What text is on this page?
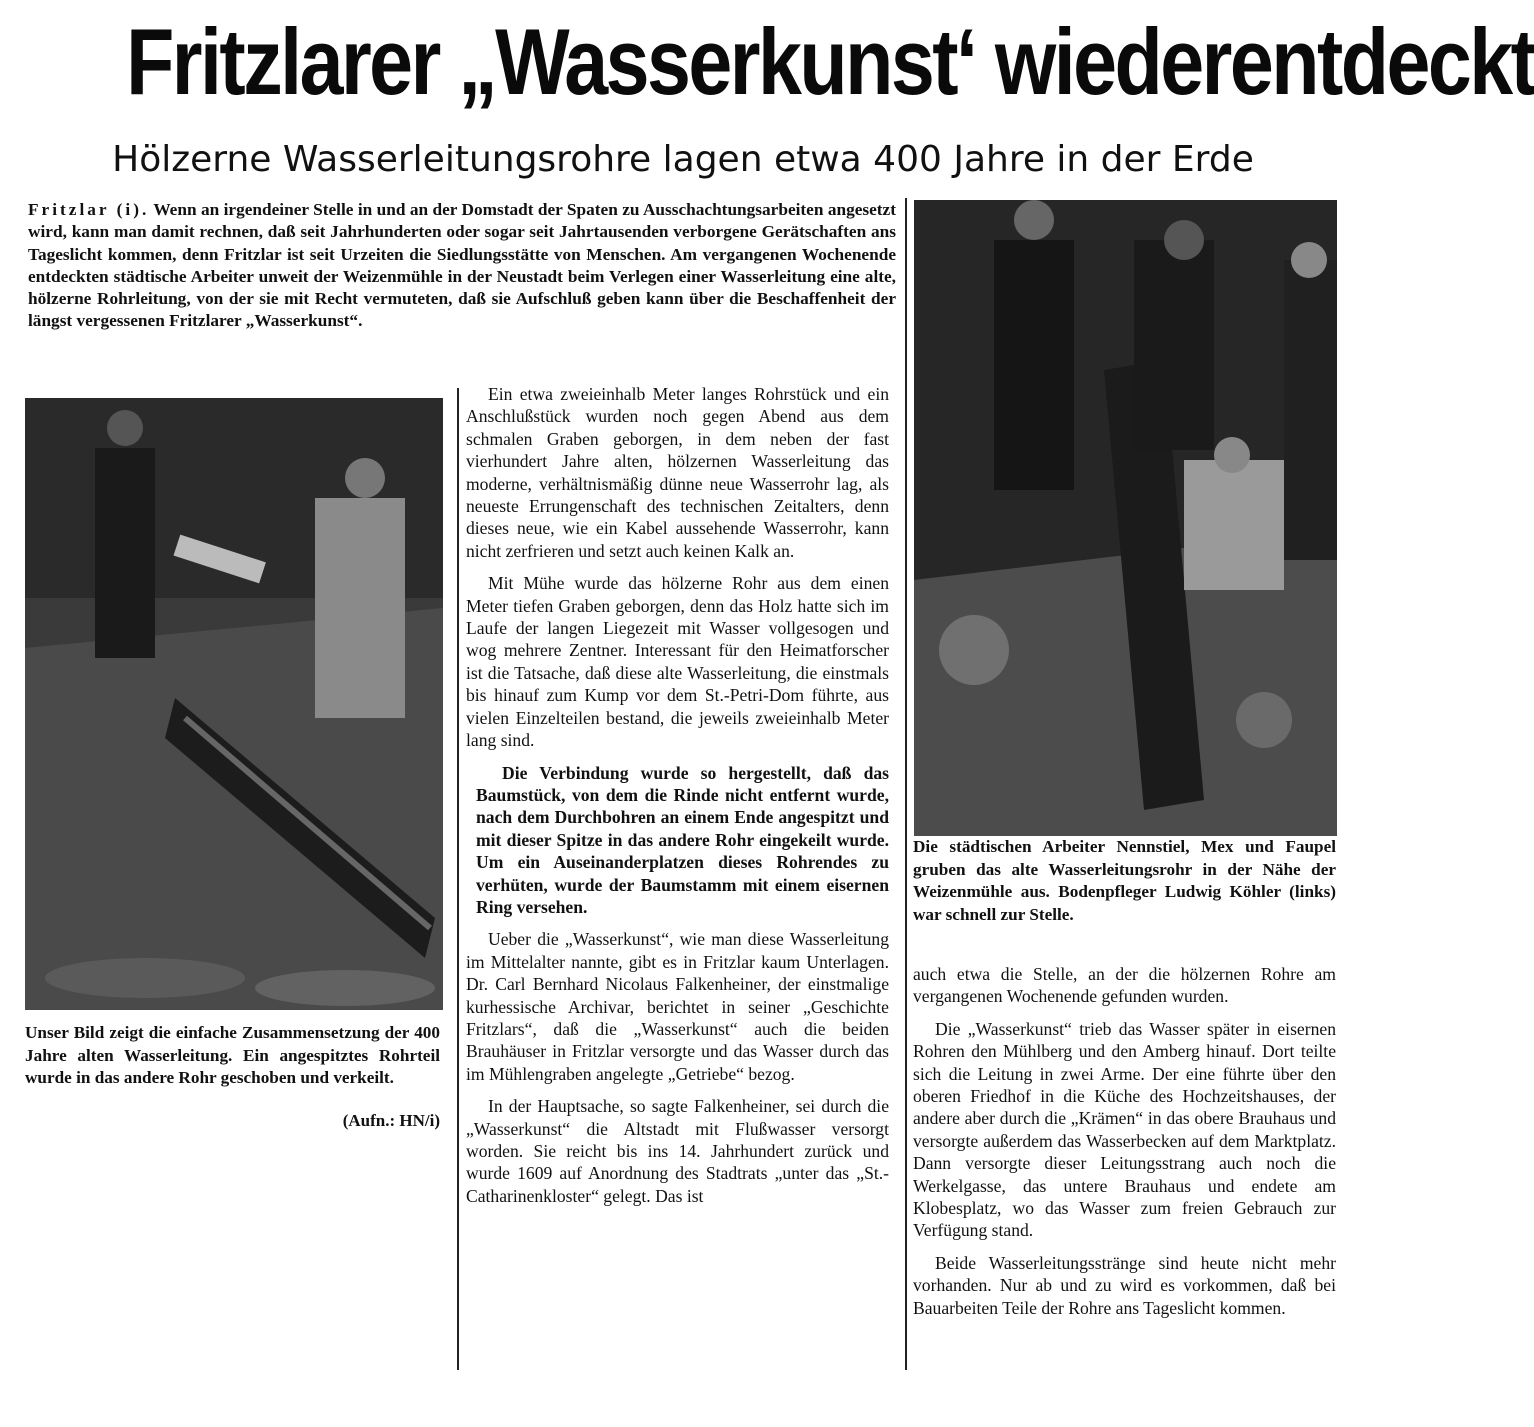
Fritzlarer „Wasserkunst‘ wiederentdeckt
Hölzerne Wasserleitungsrohre lagen etwa 400 Jahre in der Erde

Fritzlar (i). Wenn an irgendeiner Stelle in und an der Domstadt der Spaten zu Ausschachtungsarbeiten angesetzt wird, kann man damit rechnen, daß seit Jahrhunderten oder sogar seit Jahrtausenden verborgene Gerätschaften ans Tageslicht kommen, denn Fritzlar ist seit Urzeiten die Siedlungsstätte von Menschen. Am vergangenen Wochenende entdeckten städtische Arbeiter unweit der Weizenmühle in der Neustadt beim Verlegen einer Wasserleitung eine alte, hölzerne Rohrleitung, von der sie mit Recht vermuteten, daß sie Aufschluß geben kann über die Beschaffenheit der längst vergessenen Fritzlarer „Wasserkunst“.

Unser Bild zeigt die einfache Zusammensetzung der 400 Jahre alten Wasserleitung. Ein angespitztes Rohrteil wurde in das andere Rohr geschoben und verkeilt.

(Aufn.: HN/i)

Die städtischen Arbeiter Nennstiel, Mex und Faupel gruben das alte Wasserleitungsrohr in der Nähe der Weizenmühle aus. Bodenpfleger Ludwig Köhler (links) war schnell zur Stelle.

Ein etwa zweieinhalb Meter langes Rohrstück und ein Anschlußstück wurden noch gegen Abend aus dem schmalen Graben geborgen, in dem neben der fast vierhundert Jahre alten, hölzernen Wasserleitung das moderne, verhältnismäßig dünne neue Wasserrohr lag, als neueste Errungenschaft des technischen Zeitalters, denn dieses neue, wie ein Kabel aussehende Wasserrohr, kann nicht zerfrieren und setzt auch keinen Kalk an.

Mit Mühe wurde das hölzerne Rohr aus dem einen Meter tiefen Graben geborgen, denn das Holz hatte sich im Laufe der langen Liegezeit mit Wasser vollgesogen und wog mehrere Zentner. Interessant für den Heimatforscher ist die Tatsache, daß diese alte Wasserleitung, die einstmals bis hinauf zum Kump vor dem St.-Petri-Dom führte, aus vielen Einzelteilen bestand, die jeweils zweieinhalb Meter lang sind.

Die Verbindung wurde so hergestellt, daß das Baumstück, von dem die Rinde nicht entfernt wurde, nach dem Durchbohren an einem Ende angespitzt und mit dieser Spitze in das andere Rohr eingekeilt wurde. Um ein Auseinanderplatzen dieses Rohrendes zu verhüten, wurde der Baumstamm mit einem eisernen Ring versehen.

Ueber die „Wasserkunst“, wie man diese Wasserleitung im Mittelalter nannte, gibt es in Fritzlar kaum Unterlagen. Dr. Carl Bernhard Nicolaus Falkenheiner, der einstmalige kurhessische Archivar, berichtet in seiner „Geschichte Fritzlars“, daß die „Wasserkunst“ auch die beiden Brauhäuser in Fritzlar versorgte und das Wasser durch das im Mühlengraben angelegte „Getriebe“ bezog.

In der Hauptsache, so sagte Falkenheiner, sei durch die „Wasserkunst“ die Altstadt mit Flußwasser versorgt worden. Sie reicht bis ins 14. Jahrhundert zurück und wurde 1609 auf Anordnung des Stadtrats „unter das „St.-Catharinenkloster“ gelegt. Das ist

auch etwa die Stelle, an der die hölzernen Rohre am vergangenen Wochenende gefunden wurden.

Die „Wasserkunst“ trieb das Wasser später in eisernen Rohren den Mühlberg und den Amberg hinauf. Dort teilte sich die Leitung in zwei Arme. Der eine führte über den oberen Friedhof in die Küche des Hochzeitshauses, der andere aber durch die „Krämen“ in das obere Brauhaus und versorgte außerdem das Wasserbecken auf dem Marktplatz. Dann versorgte dieser Leitungsstrang auch noch die Werkelgasse, das untere Brauhaus und endete am Klobesplatz, wo das Wasser zum freien Gebrauch zur Verfügung stand.

Beide Wasserleitungsstränge sind heute nicht mehr vorhanden. Nur ab und zu wird es vorkommen, daß bei Bauarbeiten Teile der Rohre ans Tageslicht kommen.
